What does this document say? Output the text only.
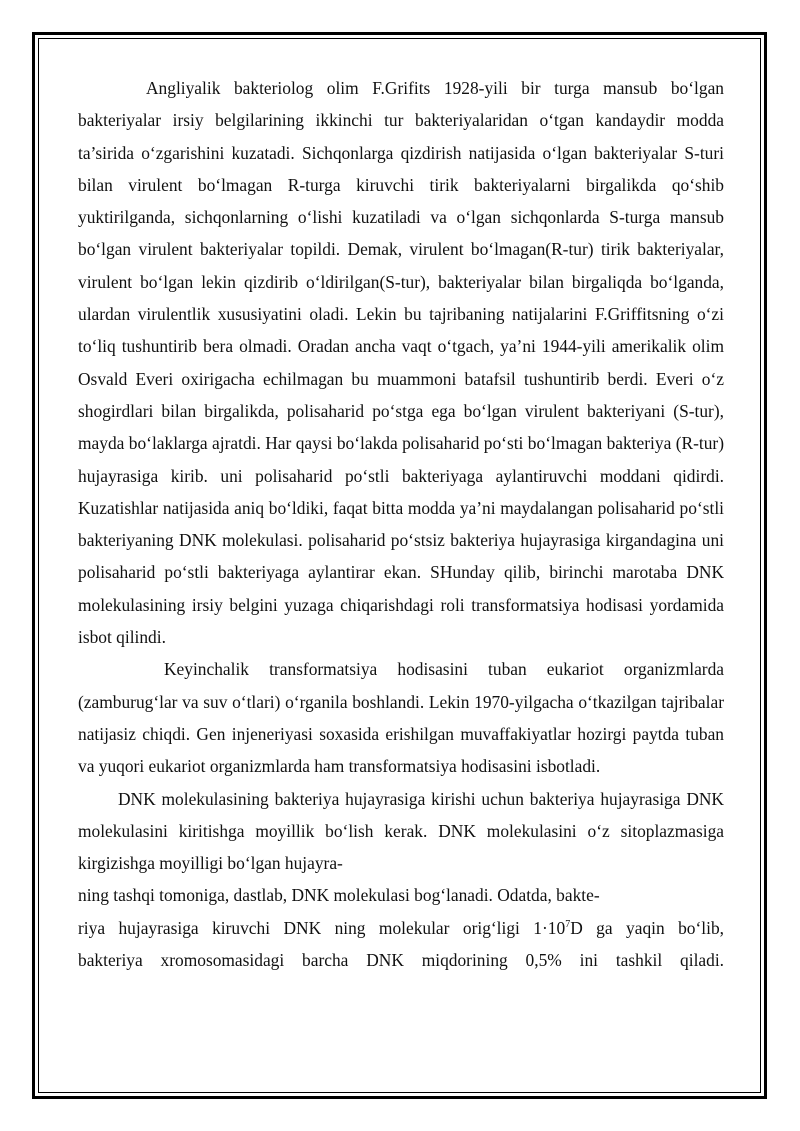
Angliyalik bakteriolog olim F.Grifits 1928-yili bir turga mansub bo‘lgan bakteriyalar irsiy belgilarining ikkinchi tur bakteriyalaridan o‘tgan kandaydir modda ta’sirida o‘zgarishini kuzatadi. Sichqonlarga qizdirish natijasida o‘lgan bakteriyalar S-turi bilan virulent bo‘lmagan R-turga kiruvchi tirik bakteriyalarni birgalikda qo‘shib yuktirilganda, sichqonlarning o‘lishi kuzatiladi va o‘lgan sichqonlarda S-turga mansub bo‘lgan virulent bakteriyalar topildi. Demak, virulent bo‘lmagan(R-tur) tirik bakteriyalar, virulent bo‘lgan lekin qizdirib o‘ldirilgan(S-tur), bakteriyalar bilan birgaliqda bo‘lganda, ulardan virulentlik xususiyatini oladi. Lekin bu tajribaning natijalarini F.Griffitsning o‘zi to‘liq tushuntirib bera olmadi. Oradan ancha vaqt o‘tgach, ya’ni 1944-yili amerikalik olim Osvald Everi oxirigacha echilmagan bu muammoni batafsil tushuntirib berdi. Everi o‘z shogirdlari bilan birgalikda, polisaharid po‘stga ega bo‘lgan virulent bakteriyani (S-tur), mayda bo‘laklarga ajratdi. Har qaysi bo‘lakda polisaharid po‘sti bo‘lmagan bakteriya (R-tur) hujayrasiga kirib. uni polisaharid po‘stli bakteriyaga aylantiruvchi moddani qidirdi. Kuzatishlar natijasida aniq bo‘ldiki, faqat bitta modda ya’ni maydalangan polisaharid po‘stli bakteriyaning DNK molekulasi. polisaharid po‘stsiz bakteriya hujayrasiga kirgandagina uni polisaharid po‘stli bakteriyaga aylantirar ekan. SHunday qilib, birinchi marotaba DNK molekulasining irsiy belgini yuzaga chiqarishdagi roli transformatsiya hodisasi yordamida isbot qilindi.

Keyinchalik transformatsiya hodisasini tuban eukariot organizmlarda (zamburug‘lar va suv o‘tlari) o‘rganila boshlandi. Lekin 1970-yilgacha o‘tkazilgan tajribalar natijasiz chiqdi. Gen injeneriyasi soxasida erishilgan muvaffakiyatlar hozirgi paytda tuban va yuqori eukariot organizmlarda ham transformatsiya hodisasini isbotladi.

DNK molekulasining bakteriya hujayrasiga kirishi uchun bakteriya hujayrasiga DNK molekulasini kiritishga moyillik bo‘lish kerak. DNK molekulasini o‘z sitoplazmasiga kirgizishga moyilligi bo‘lgan hujayra-

ning tashqi tomoniga, dastlab, DNK molekulasi bog‘lanadi. Odatda, bakte-

riya hujayrasiga kiruvchi DNK ning molekular orig‘ligi $1\cdot 10^7D$ ga yaqin bo‘lib,

bakteriya xromosomasidagi barcha DNK miqdorining 0,5% ini tashkil qiladi.
